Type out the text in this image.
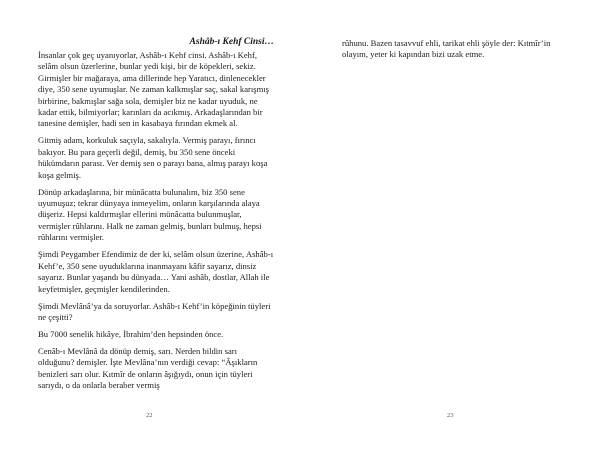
Ashâb-ı Kehf Cinsi…

İnsanlar çok geç uyanıyorlar, Ashâb-ı Kehf cinsi. Ashâb-ı Kehf, selâm olsun üzerlerine, bunlar yedi kişi, bir de köpekleri, sekiz. Girmişler bir mağaraya, ama dillerinde hep Yaratıcı, dinlenecekler diye, 350 sene uyumuşlar. Ne zaman kalkmışlar saç, sakal karışmış birbirine, bakmışlar sağa sola, demişler biz ne kadar uyuduk, ne kadar ettik, bilmiyorlar; karınları da acıkmış. Arkadaşlarından bir tanesine demişler, hadi sen in kasabaya fırından ekmek al.

Gitmiş adam, korkuluk saçıyla, sakalıyla. Vermiş parayı, fırıncı bakıyor. Bu para geçerli değil, demiş, bu 350 sene önceki hükümdarın parası. Ver demiş sen o parayı bana, almış parayı koşa koşa gelmiş.

Dönüp arkadaşlarına, bir münâcatta bulunalım, biz 350 sene uyumuşuz; tekrar dünyaya inmeyelim, onların karşılarında alaya düşeriz. Hepsi kaldırmışlar ellerini münâcatta bulunmuşlar, vermişler rûhlarını. Halk ne zaman gelmiş, bunları bulmuş, hepsi rûhlarını vermişler.

Şimdi Peygamber Efendimiz de der ki, selâm olsun üzerine, Ashâb-ı Kehf’e, 350 sene uyuduklarına inanmayanı kâfir sayarız, dinsiz sayarız. Bunlar yaşandı bu dünyada… Yani ashâb, dostlar, Allah ile keyfetmişler, geçmişler kendilerinden.

Şimdi Mevlânâ’ya da soruyorlar. Ashâb-ı Kehf’in köpeğinin tüyleri ne çeşitti?

Bu 7000 senelik hikâye, İbrahim’den hepsinden önce.

Cenâb-ı Mevlânâ da dönüp demiş, sarı. Nerden bildin sarı olduğunu? demişler. İşte Mevlâna’nın verdiği cevap: “Âşıkların benizleri sarı olur. Kıtmîr de onların âşığıydı, onun için tüyleri sarıydı, o da onlarla beraber vermiş

22

rûhunu. Bazen tasavvuf ehli, tarikat ehli şöyle der: Kıtmîr’in olayım, yeter ki kapından bizi uzak etme.

23
